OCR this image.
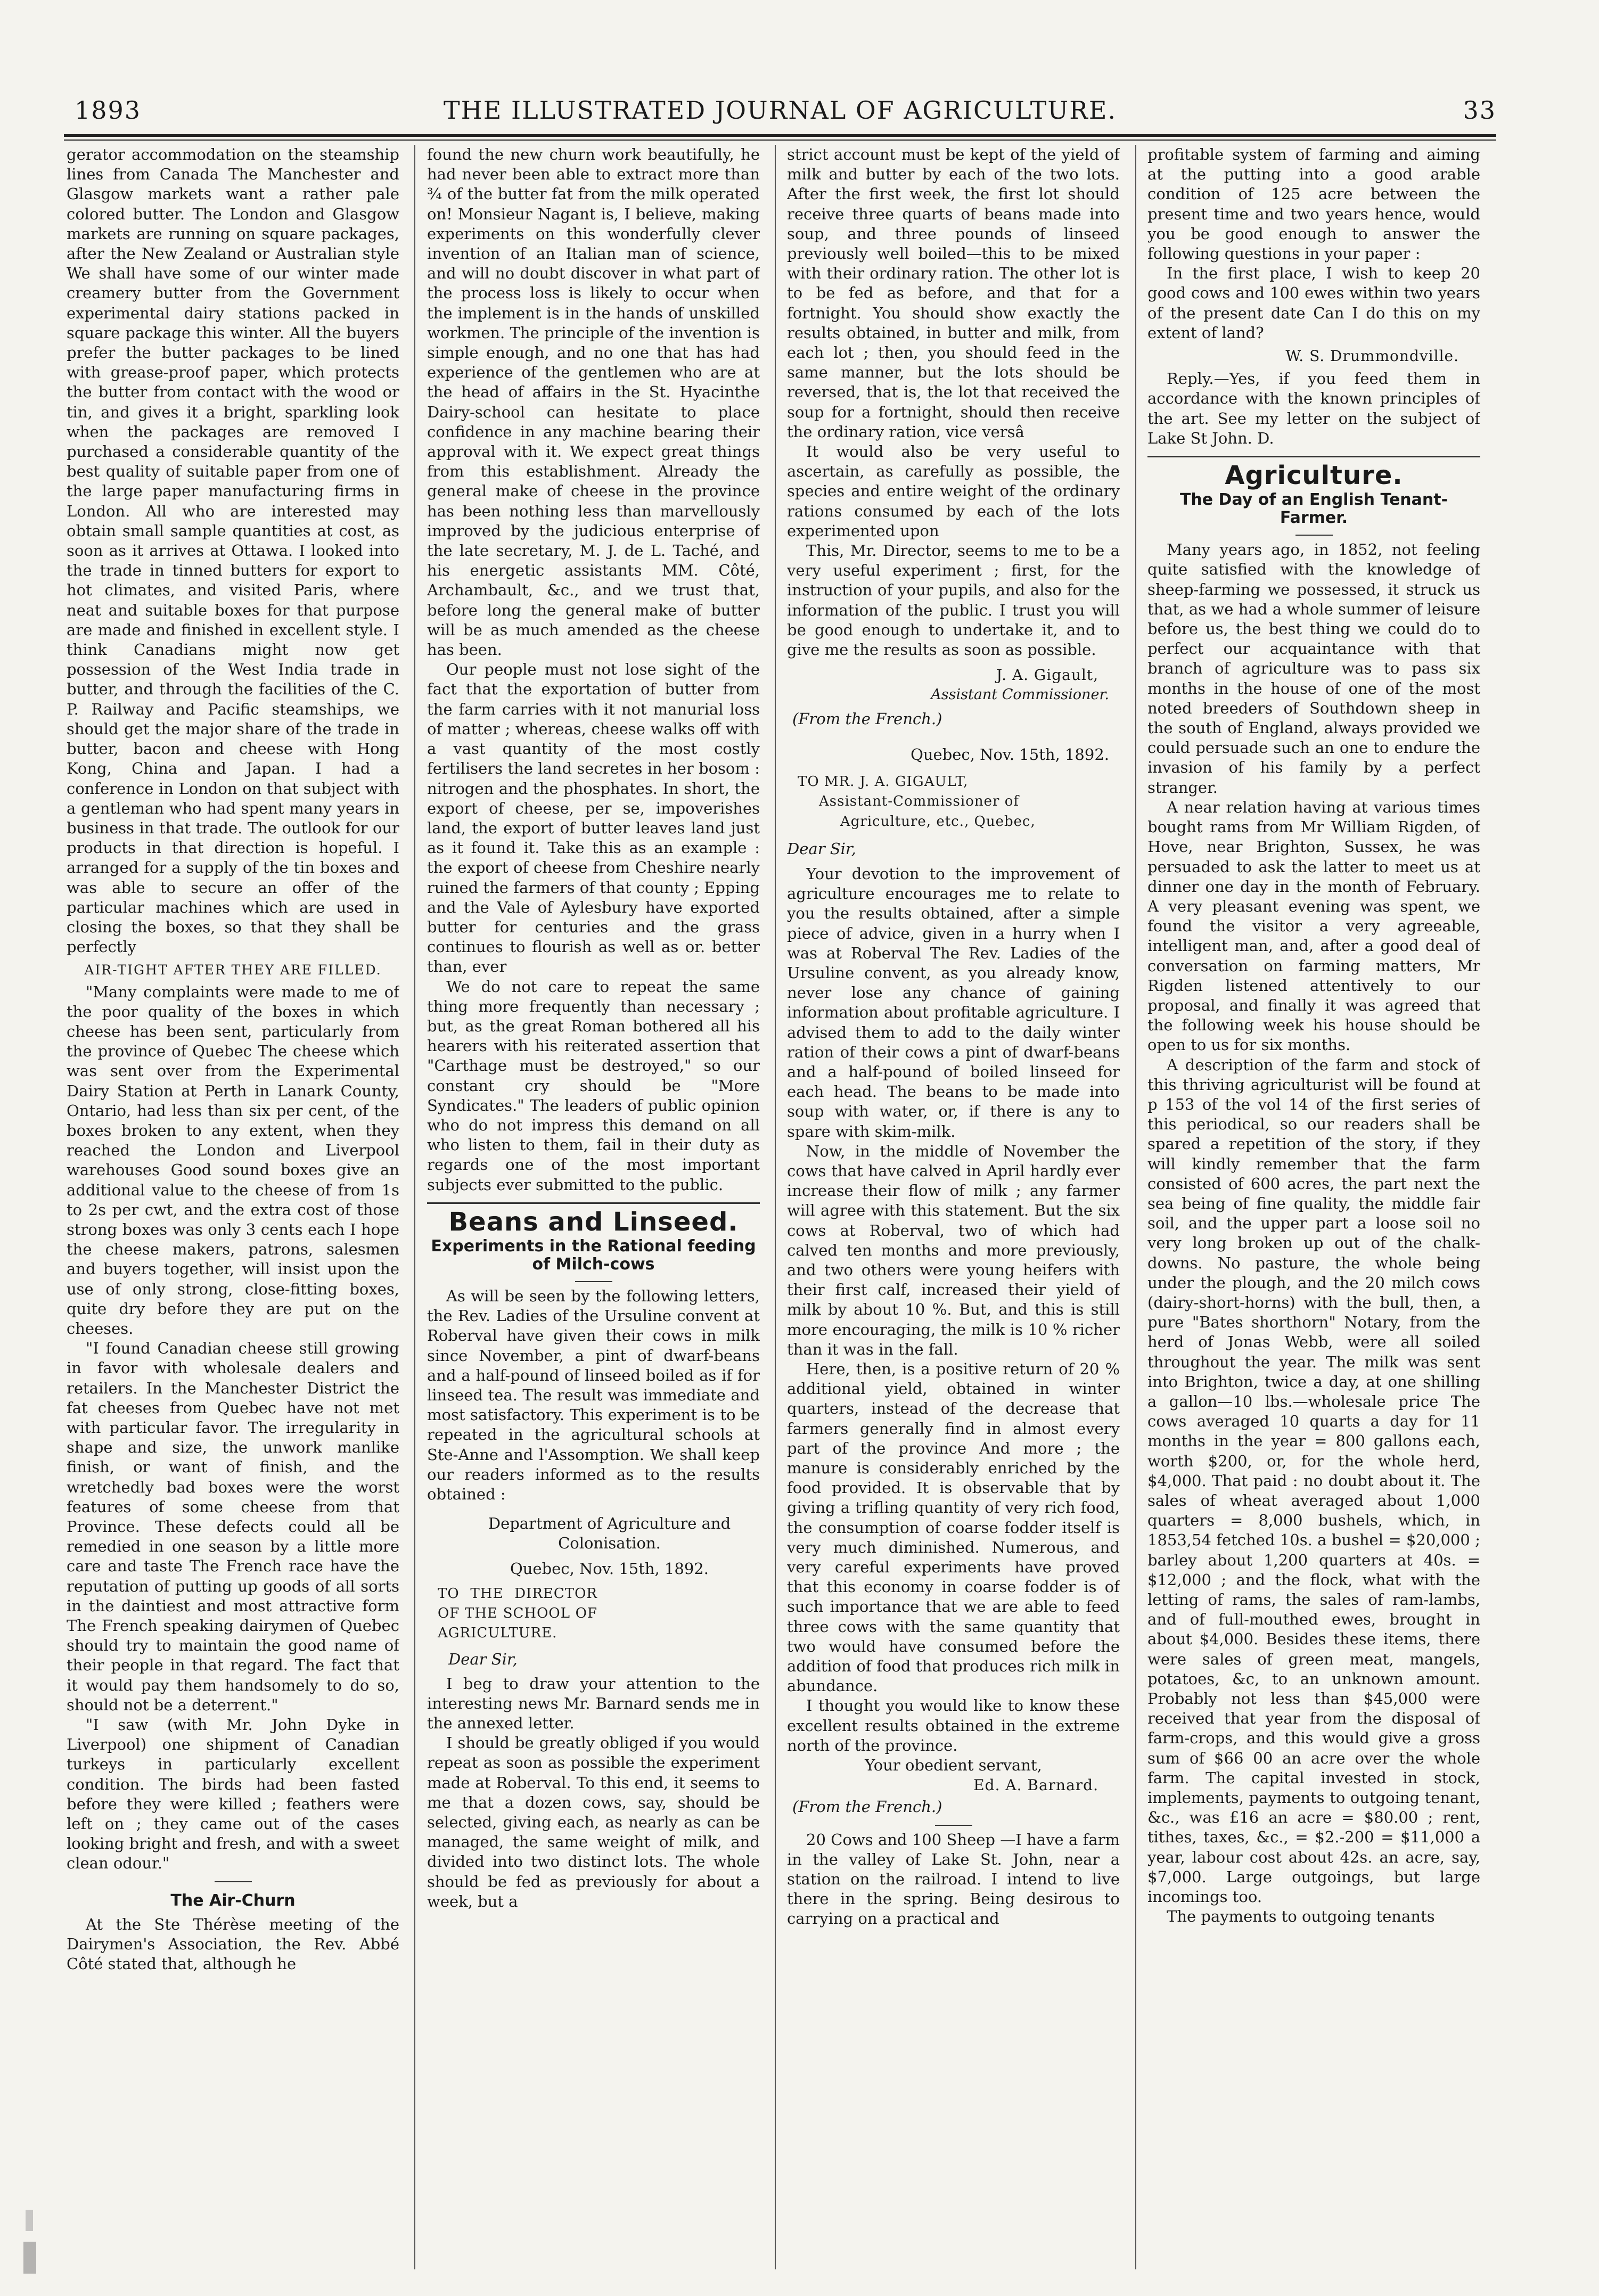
1893	THE ILLUSTRATED JOURNAL OF AGRICULTURE.	33

gerator accommodation on the steamship lines from Canada The Manchester and Glasgow markets want a rather pale colored butter. The London and Glasgow markets are running on square packages, after the New Zealand or Australian style We shall have some of our winter made creamery butter from the Government experimental dairy stations packed in square package this winter. All the buyers prefer the butter packages to be lined with grease-proof paper, which protects the butter from contact with the wood or tin, and gives it a bright, sparkling look when the packages are removed I purchased a considerable quantity of the best quality of suitable paper from one of the large paper manufacturing firms in London. All who are interested may obtain small sample quantities at cost, as soon as it arrives at Ottawa. I looked into the trade in tinned butters for export to hot climates, and visited Paris, where neat and suitable boxes for that purpose are made and finished in excellent style. I think Canadians might now get possession of the West India trade in butter, and through the facilities of the C. P. Railway and Pacific steamships, we should get the major share of the trade in butter, bacon and cheese with Hong Kong, China and Japan. I had a conference in London on that subject with a gentleman who had spent many years in business in that trade. The outlook for our products in that direction is hopeful. I arranged for a supply of the tin boxes and was able to secure an offer of the particular machines which are used in closing the boxes, so that they shall be perfectly

AIR-TIGHT AFTER THEY ARE FILLED.

"Many complaints were made to me of the poor quality of the boxes in which cheese has been sent, particularly from the province of Quebec The cheese which was sent over from the Experimental Dairy Station at Perth in Lanark County, Ontario, had less than six per cent, of the boxes broken to any extent, when they reached the London and Liverpool warehouses Good sound boxes give an additional value to the cheese of from 1s to 2s per cwt, and the extra cost of those strong boxes was only 3 cents each I hope the cheese makers, patrons, salesmen and buyers together, will insist upon the use of only strong, close-fitting boxes, quite dry before they are put on the cheeses.

"I found Canadian cheese still growing in favor with wholesale dealers and retailers. In the Manchester District the fat cheeses from Quebec have not met with particular favor. The irregularity in shape and size, the unwork manlike finish, or want of finish, and the wretchedly bad boxes were the worst features of some cheese from that Province. These defects could all be remedied in one season by a little more care and taste The French race have the reputation of putting up goods of all sorts in the daintiest and most attractive form The French speaking dairymen of Quebec should try to maintain the good name of their people in that regard. The fact that it would pay them handsomely to do so, should not be a deterrent."

"I saw (with Mr. John Dyke in Liverpool) one shipment of Canadian turkeys in particularly excellent condition. The birds had been fasted before they were killed ; feathers were left on ; they came out of the cases looking bright and fresh, and with a sweet clean odour."

The Air-Churn

At the Ste Thérèse meeting of the Dairymen's Association, the Rev. Abbé Côté stated that, although he

found the new churn work beautifully, he had never been able to extract more than ¾ of the butter fat from the milk operated on! Monsieur Nagant is, I believe, making experiments on this wonderfully clever invention of an Italian man of science, and will no doubt discover in what part of the process loss is likely to occur when the implement is in the hands of unskilled workmen. The principle of the invention is simple enough, and no one that has had experience of the gentlemen who are at the head of affairs in the St. Hyacinthe Dairy-school can hesitate to place confidence in any machine bearing their approval with it. We expect great things from this establishment. Already the general make of cheese in the province has been nothing less than marvellously improved by the judicious enterprise of the late secretary, M. J. de L. Taché, and his energetic assistants MM. Côté, Archambault, &c., and we trust that, before long the general make of butter will be as much amended as the cheese has been.

Our people must not lose sight of the fact that the exportation of butter from the farm carries with it not manurial loss of matter ; whereas, cheese walks off with a vast quantity of the most costly fertilisers the land secretes in her bosom : nitrogen and the phosphates. In short, the export of cheese, per se, impoverishes land, the export of butter leaves land just as it found it. Take this as an example : the export of cheese from Cheshire nearly ruined the farmers of that county ; Epping and the Vale of Aylesbury have exported butter for centuries and the grass continues to flourish as well as or. better than, ever

We do not care to repeat the same thing more frequently than necessary ; but, as the great Roman bothered all his hearers with his reiterated assertion that "Carthage must be destroyed," so our constant cry should be "More Syndicates." The leaders of public opinion who do not impress this demand on all who listen to them, fail in their duty as regards one of the most important subjects ever submitted to the public.

Beans and Linseed.
Experiments in the Rational feeding of Milch-cows

As will be seen by the following letters, the Rev. Ladies of the Ursuline convent at Roberval have given their cows in milk since November, a pint of dwarf-beans and a half-pound of linseed boiled as if for linseed tea. The result was immediate and most satisfactory. This experiment is to be repeated in the agricultural schools at Ste-Anne and l'Assomption. We shall keep our readers informed as to the results obtained :

Department of Agriculture and Colonisation.
Quebec, Nov. 15th, 1892.

TO THE DIRECTOR OF THE SCHOOL OF AGRICULTURE.

Dear Sir,

I beg to draw your attention to the interesting news Mr. Barnard sends me in the annexed letter.

I should be greatly obliged if you would repeat as soon as possible the experiment made at Roberval. To this end, it seems to me that a dozen cows, say, should be selected, giving each, as nearly as can be managed, the same weight of milk, and divided into two distinct lots. The whole should be fed as previously for about a week, but a

strict account must be kept of the yield of milk and butter by each of the two lots. After the first week, the first lot should receive three quarts of beans made into soup, and three pounds of linseed previously well boiled—this to be mixed with their ordinary ration. The other lot is to be fed as before, and that for a fortnight. You should show exactly the results obtained, in butter and milk, from each lot ; then, you should feed in the same manner, but the lots should be reversed, that is, the lot that received the soup for a fortnight, should then receive the ordinary ration, vice versâ

It would also be very useful to ascertain, as carefully as possible, the species and entire weight of the ordinary rations consumed by each of the lots experimented upon

This, Mr. Director, seems to me to be a very useful experiment ; first, for the instruction of your pupils, and also for the information of the public. I trust you will be good enough to undertake it, and to give me the results as soon as possible.

J. A. Gigault,
Assistant Commissioner.

(From the French.)

Quebec, Nov. 15th, 1892.

TO MR. J. A. GIGAULT,

Assistant-Commissioner of

Agriculture, etc., Quebec,

Dear Sir,

Your devotion to the improvement of agriculture encourages me to relate to you the results obtained, after a simple piece of advice, given in a hurry when I was at Roberval The Rev. Ladies of the Ursuline convent, as you already know, never lose any chance of gaining information about profitable agriculture. I advised them to add to the daily winter ration of their cows a pint of dwarf-beans and a half-pound of boiled linseed for each head. The beans to be made into soup with water, or, if there is any to spare with skim-milk.

Now, in the middle of November the cows that have calved in April hardly ever increase their flow of milk ; any farmer will agree with this statement. But the six cows at Roberval, two of which had calved ten months and more previously, and two others were young heifers with their first calf, increased their yield of milk by about 10 %. But, and this is still more encouraging, the milk is 10 % richer than it was in the fall.

Here, then, is a positive return of 20 % additional yield, obtained in winter quarters, instead of the decrease that farmers generally find in almost every part of the province And more ; the manure is considerably enriched by the food provided. It is observable that by giving a trifling quantity of very rich food, the consumption of coarse fodder itself is very much diminished. Numerous, and very careful experiments have proved that this economy in coarse fodder is of such importance that we are able to feed three cows with the same quantity that two would have consumed before the addition of food that produces rich milk in abundance.

I thought you would like to know these excellent results obtained in the extreme north of the province.

Your obedient servant,
Ed. A. Barnard.

(From the French.)

20 Cows and 100 Sheep —I have a farm in the valley of Lake St. John, near a station on the railroad. I intend to live there in the spring. Being desirous to carrying on a practical and

profitable system of farming and aiming at the putting into a good arable condition of 125 acre between the present time and two years hence, would you be good enough to answer the following questions in your paper :

In the first place, I wish to keep 20 good cows and 100 ewes within two years of the present date Can I do this on my extent of land?

W. S. Drummondville.

Reply.—Yes, if you feed them in accordance with the known principles of the art. See my letter on the subject of Lake St John. D.

Agriculture.
The Day of an English Tenant-Farmer.

Many years ago, in 1852, not feeling quite satisfied with the knowledge of sheep-farming we possessed, it struck us that, as we had a whole summer of leisure before us, the best thing we could do to perfect our acquaintance with that branch of agriculture was to pass six months in the house of one of the most noted breeders of Southdown sheep in the south of England, always provided we could persuade such an one to endure the invasion of his family by a perfect stranger.

A near relation having at various times bought rams from Mr William Rigden, of Hove, near Brighton, Sussex, he was persuaded to ask the latter to meet us at dinner one day in the month of February. A very pleasant evening was spent, we found the visitor a very agreeable, intelligent man, and, after a good deal of conversation on farming matters, Mr Rigden listened attentively to our proposal, and finally it was agreed that the following week his house should be open to us for six months.

A description of the farm and stock of this thriving agriculturist will be found at p 153 of the vol 14 of the first series of this periodical, so our readers shall be spared a repetition of the story, if they will kindly remember that the farm consisted of 600 acres, the part next the sea being of fine quality, the middle fair soil, and the upper part a loose soil no very long broken up out of the chalk-downs. No pasture, the whole being under the plough, and the 20 milch cows (dairy-short-horns) with the bull, then, a pure "Bates shorthorn" Notary, from the herd of Jonas Webb, were all soiled throughout the year. The milk was sent into Brighton, twice a day, at one shilling a gallon—10 lbs.—wholesale price The cows averaged 10 quarts a day for 11 months in the year = 800 gallons each, worth $200, or, for the whole herd, $4,000. That paid : no doubt about it. The sales of wheat averaged about 1,000 quarters = 8,000 bushels, which, in 1853,54 fetched 10s. a bushel = $20,000 ; barley about 1,200 quarters at 40s. = $12,000 ; and the flock, what with the letting of rams, the sales of ram-lambs, and of full-mouthed ewes, brought in about $4,000. Besides these items, there were sales of green meat, mangels, potatoes, &c, to an unknown amount. Probably not less than $45,000 were received that year from the disposal of farm-crops, and this would give a gross sum of $66 00 an acre over the whole farm. The capital invested in stock, implements, payments to outgoing tenant, &c., was £16 an acre = $80.00 ; rent, tithes, taxes, &c., = $2.-200 = $11,000 a year, labour cost about 42s. an acre, say, $7,000. Large outgoings, but large incomings too.

The payments to outgoing tenants
